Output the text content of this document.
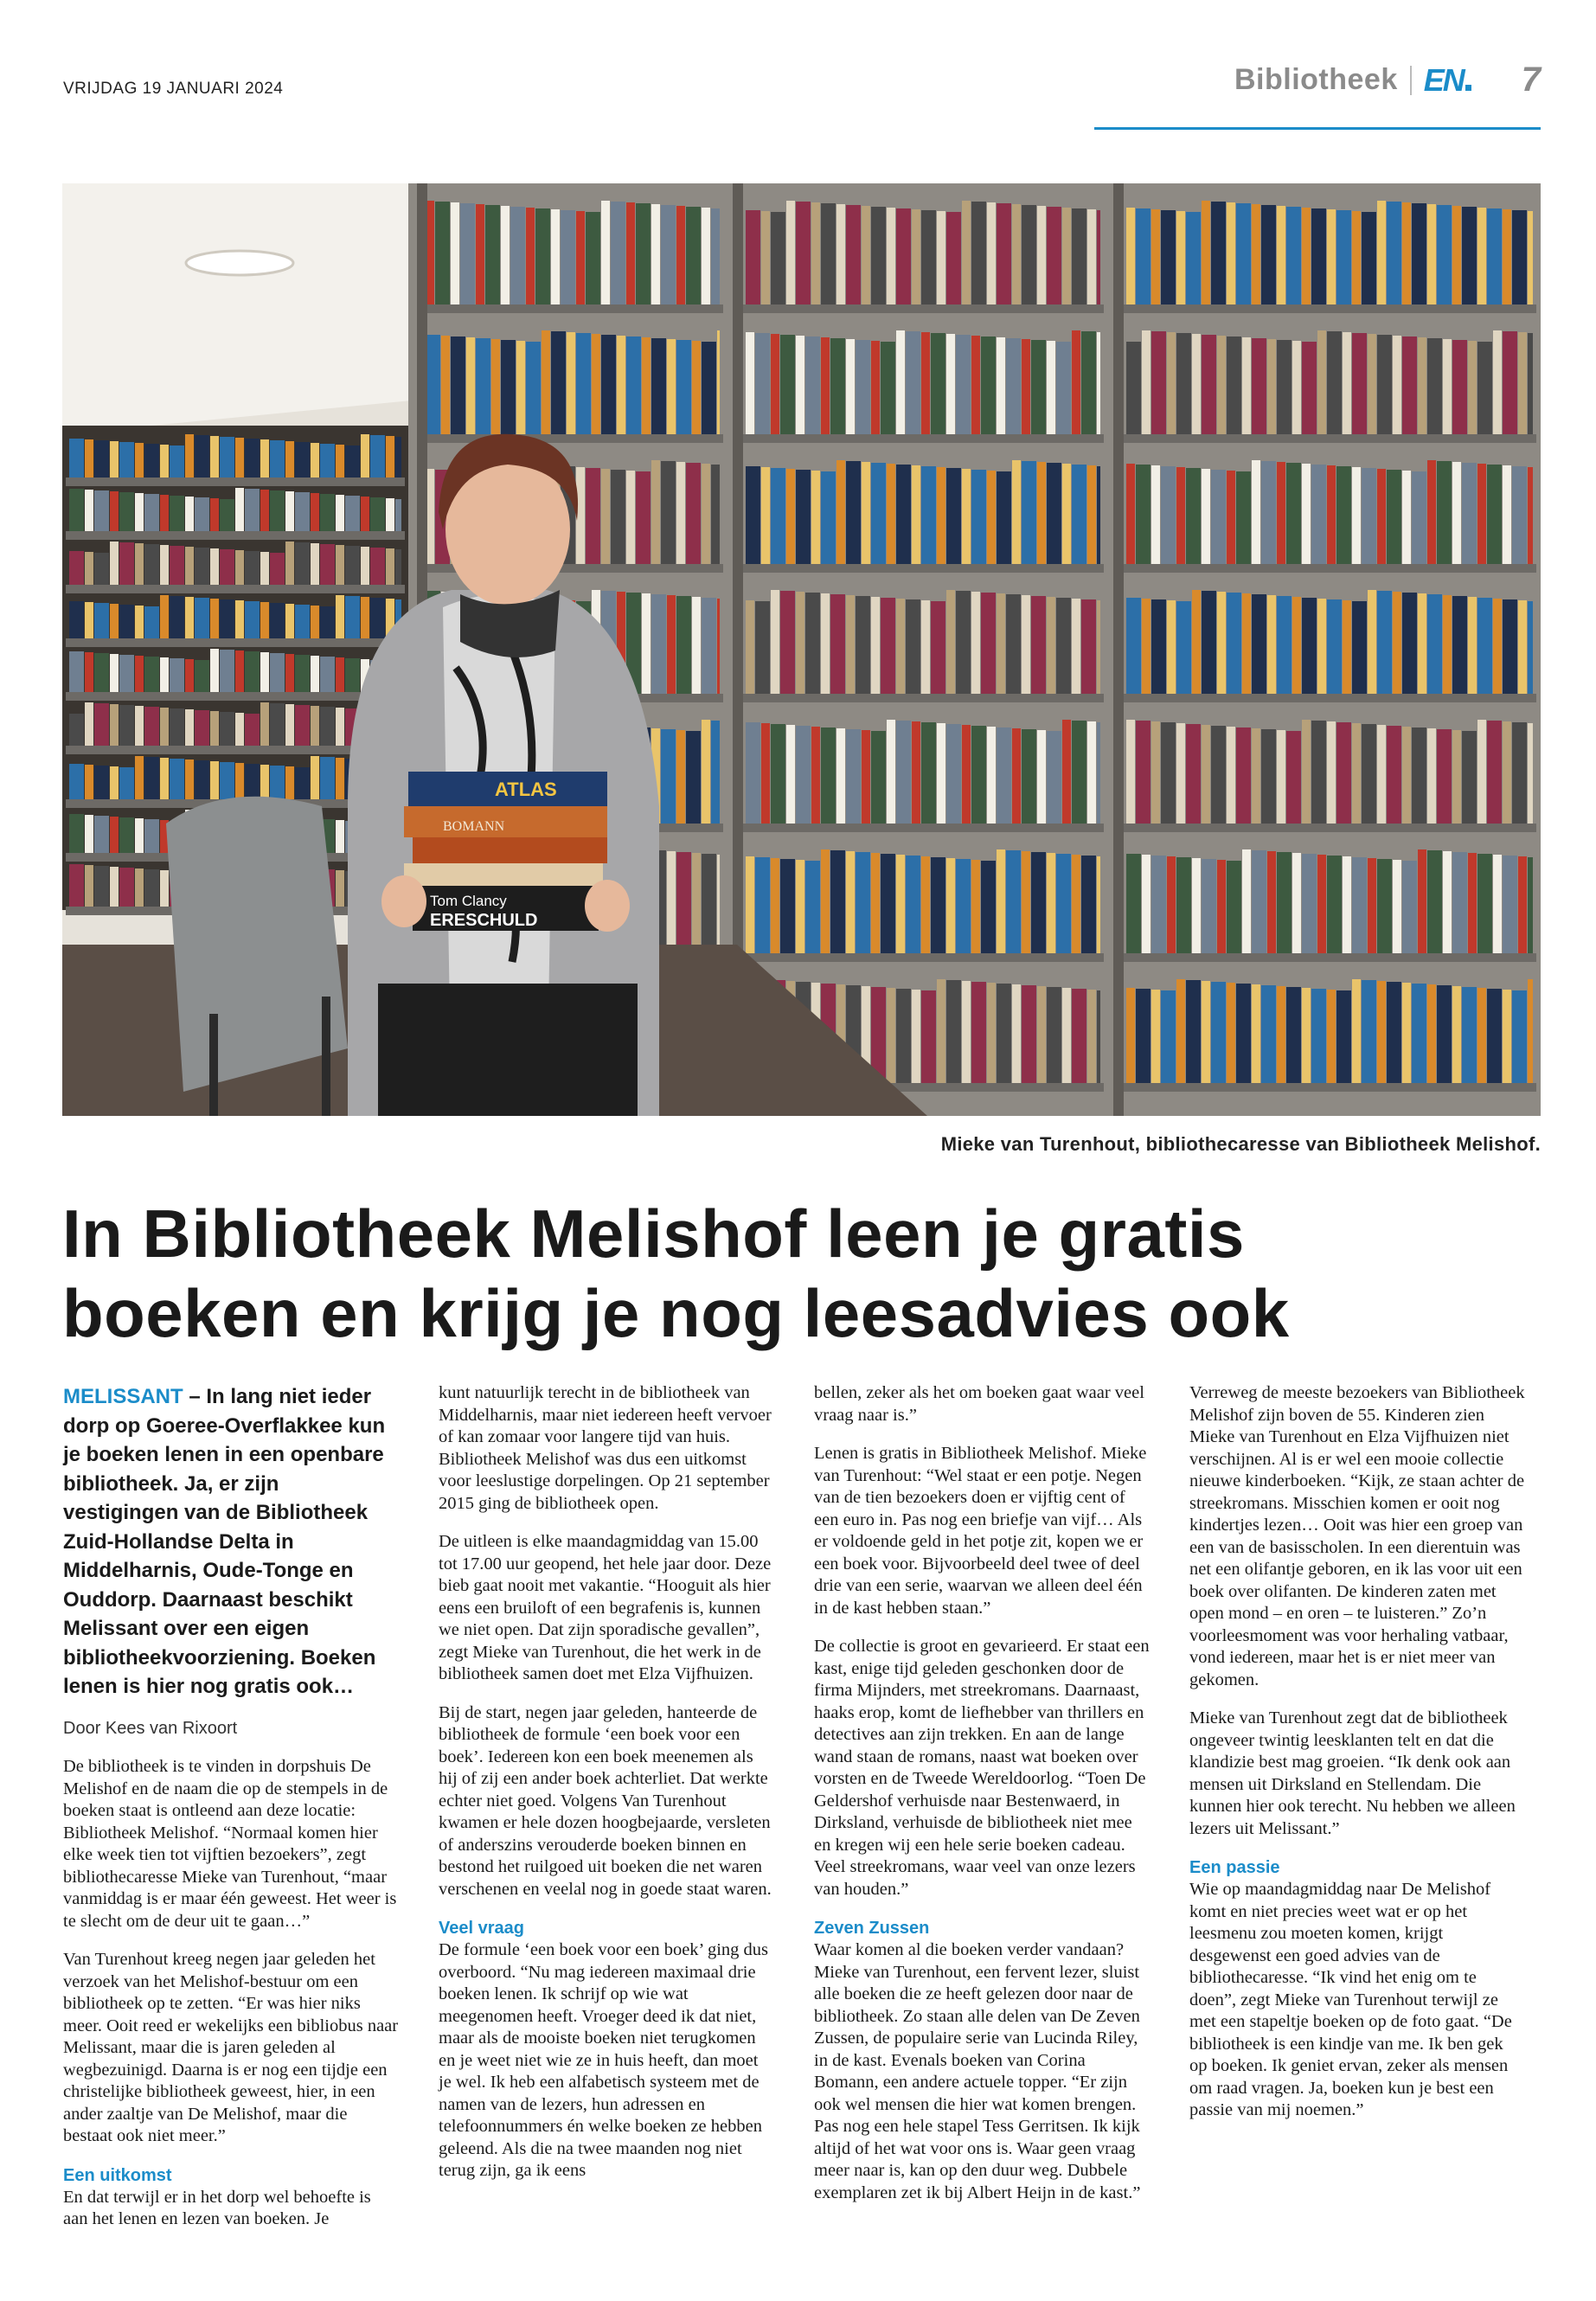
VRIJDAG 19 JANUARI 2024	Bibliotheek EN 7
ATLAS
BOMANN
Tom Clancy
ERESCHULD
Mieke van Turenhout, bibliothecaresse van Bibliotheek Melishof.
In Bibliotheek Melishof leen je gratis
boeken en krijg je nog leesadvies ook

MELISSANT – In lang niet ieder dorp op Goeree-Overflakkee kun je boeken lenen in een openbare bibliotheek. Ja, er zijn vestigingen van de Bibliotheek Zuid-Hollandse Delta in Middelharnis, Oude-Tonge en Ouddorp. Daarnaast beschikt Melissant over een eigen bibliotheekvoorziening. Boeken lenen is hier nog gratis ook…

Door Kees van Rixoort

De bibliotheek is te vinden in dorpshuis De Melishof en de naam die op de stempels in de boeken staat is ontleend aan deze locatie: Bibliotheek Melishof. “Normaal komen hier elke week tien tot vijftien bezoekers”, zegt bibliothecaresse Mieke van Turenhout, “maar vanmiddag is er maar één geweest. Het weer is te slecht om de deur uit te gaan…”

Van Turenhout kreeg negen jaar geleden het verzoek van het Melishof-bestuur om een bibliotheek op te zetten. “Er was hier niks meer. Ooit reed er wekelijks een bibliobus naar Melissant, maar die is jaren geleden al wegbezuinigd. Daarna is er nog een tijdje een christelijke bibliotheek geweest, hier, in een ander zaaltje van De Melishof, maar die bestaat ook niet meer.”

Een uitkomst

En dat terwijl er in het dorp wel behoefte is aan het lenen en lezen van boeken. Je

kunt natuurlijk terecht in de bibliotheek van Middelharnis, maar niet iedereen heeft vervoer of kan zomaar voor langere tijd van huis. Bibliotheek Melishof was dus een uitkomst voor leeslustige dorpelingen. Op 21 september 2015 ging de bibliotheek open.

De uitleen is elke maandagmiddag van 15.00 tot 17.00 uur geopend, het hele jaar door. Deze bieb gaat nooit met vakantie. “Hooguit als hier eens een bruiloft of een begrafenis is, kunnen we niet open. Dat zijn sporadische gevallen”, zegt Mieke van Turenhout, die het werk in de bibliotheek samen doet met Elza Vijfhuizen.

Bij de start, negen jaar geleden, hanteerde de bibliotheek de formule ‘een boek voor een boek’. Iedereen kon een boek meenemen als hij of zij een ander boek achterliet. Dat werkte echter niet goed. Volgens Van Turenhout kwamen er hele dozen hoogbejaarde, versleten of anderszins verouderde boeken binnen en bestond het ruilgoed uit boeken die net waren verschenen en veelal nog in goede staat waren.

Veel vraag

De formule ‘een boek voor een boek’ ging dus overboord. “Nu mag iedereen maximaal drie boeken lenen. Ik schrijf op wie wat meegenomen heeft. Vroeger deed ik dat niet, maar als de mooiste boeken niet terugkomen en je weet niet wie ze in huis heeft, dan moet je wel. Ik heb een alfabetisch systeem met de namen van de lezers, hun adressen en telefoonnummers én welke boeken ze hebben geleend. Als die na twee maanden nog niet terug zijn, ga ik eens

bellen, zeker als het om boeken gaat waar veel vraag naar is.”

Lenen is gratis in Bibliotheek Melishof. Mieke van Turenhout: “Wel staat er een potje. Negen van de tien bezoekers doen er vijftig cent of een euro in. Pas nog een briefje van vijf… Als er voldoende geld in het potje zit, kopen we er een boek voor. Bijvoorbeeld deel twee of deel drie van een serie, waarvan we alleen deel één in de kast hebben staan.”

De collectie is groot en gevarieerd. Er staat een kast, enige tijd geleden geschonken door de firma Mijnders, met streekromans. Daarnaast, haaks erop, komt de liefhebber van thrillers en detectives aan zijn trekken. En aan de lange wand staan de romans, naast wat boeken over vorsten en de Tweede Wereldoorlog. “Toen De Geldershof verhuisde naar Bestenwaerd, in Dirksland, verhuisde de bibliotheek niet mee en kregen wij een hele serie boeken cadeau. Veel streekromans, waar veel van onze lezers van houden.”

Zeven Zussen

Waar komen al die boeken verder vandaan? Mieke van Turenhout, een fervent lezer, sluist alle boeken die ze heeft gelezen door naar de bibliotheek. Zo staan alle delen van De Zeven Zussen, de populaire serie van Lucinda Riley, in de kast. Evenals boeken van Corina Bomann, een andere actuele topper. “Er zijn ook wel mensen die hier wat komen brengen. Pas nog een hele stapel Tess Gerritsen. Ik kijk altijd of het wat voor ons is. Waar geen vraag meer naar is, kan op den duur weg. Dubbele exemplaren zet ik bij Albert Heijn in de kast.”

Verreweg de meeste bezoekers van Bibliotheek Melishof zijn boven de 55. Kinderen zien Mieke van Turenhout en Elza Vijfhuizen niet verschijnen. Al is er wel een mooie collectie nieuwe kinderboeken. “Kijk, ze staan achter de streekromans. Misschien komen er ooit nog kindertjes lezen… Ooit was hier een groep van een van de basisscholen. In een dierentuin was net een olifantje geboren, en ik las voor uit een boek over olifanten. De kinderen zaten met open mond – en oren – te luisteren.” Zo’n voorleesmoment was voor herhaling vatbaar, vond iedereen, maar het is er niet meer van gekomen.

Mieke van Turenhout zegt dat de bibliotheek ongeveer twintig leesklanten telt en dat die klandizie best mag groeien. “Ik denk ook aan mensen uit Dirksland en Stellendam. Die kunnen hier ook terecht. Nu hebben we alleen lezers uit Melissant.”

Een passie

Wie op maandagmiddag naar De Melishof komt en niet precies weet wat er op het leesmenu zou moeten komen, krijgt desgewenst een goed advies van de bibliothecaresse. “Ik vind het enig om te doen”, zegt Mieke van Turenhout terwijl ze met een stapeltje boeken op de foto gaat. “De bibliotheek is een kindje van me. Ik ben gek op boeken. Ik geniet ervan, zeker als mensen om raad vragen. Ja, boeken kun je best een passie van mij noemen.”
